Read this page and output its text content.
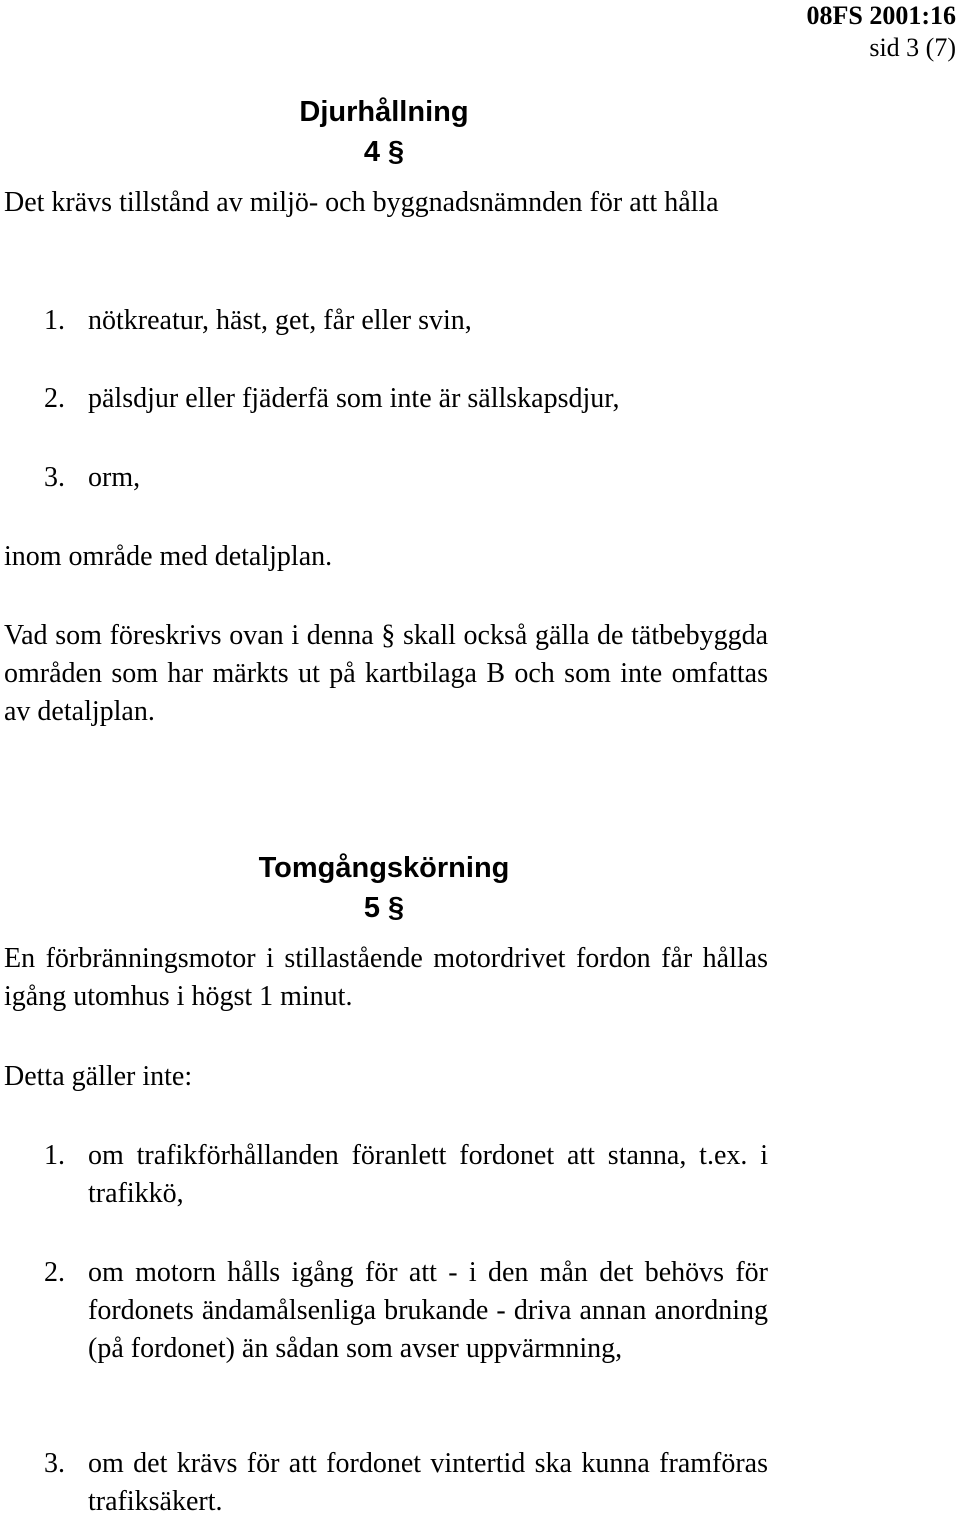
08FS 2001:16
sid 3 (7)
Djurhållning
4 §

Det krävs tillstånd av miljö- och byggnadsnämnden för att hålla

1. nötkreatur, häst, get, får eller svin,
2. pälsdjur eller fjäderfä som inte är sällskapsdjur,
3. orm,

inom område med detaljplan.

Vad som föreskrivs ovan i denna § skall också gälla de tätbebyggda områden som har märkts ut på kartbilaga B och som inte omfattas av detaljplan.

Tomgångskörning
5 §

En förbränningsmotor i stillastående motordrivet fordon får hållas igång utomhus i högst 1 minut.

Detta gäller inte:

1. om trafikförhållanden föranlett fordonet att stanna, t.ex. i trafikkö,
2. om motorn hålls igång för att - i den mån det behövs för fordonets ändamålsenliga brukande - driva annan anordning (på fordonet) än sådan som avser uppvärmning,
3. om det krävs för att fordonet vintertid ska kunna framföras trafiksäkert.
